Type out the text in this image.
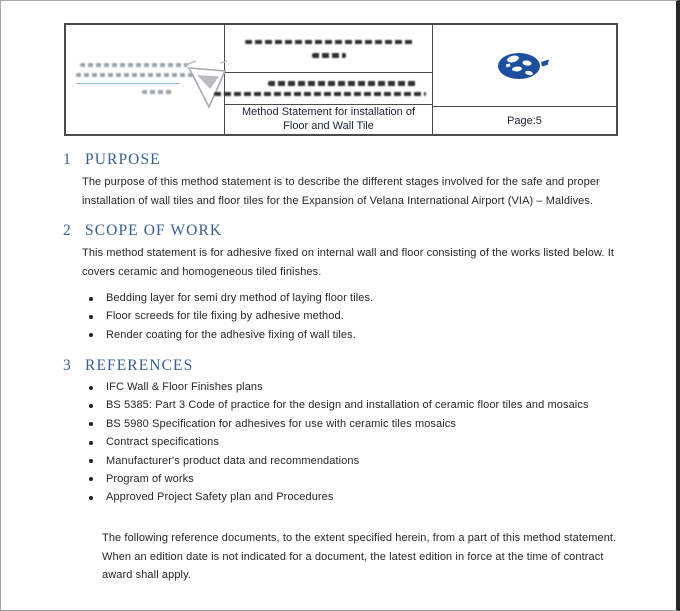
Method Statement for installation of Floor and Wall Tile	Page:5
1 PURPOSE
The purpose of this method statement is to describe the different stages involved for the safe and proper installation of wall tiles and floor tiles for the Expansion of Velana International Airport (VIA) – Maldives.
2 SCOPE OF WORK
This method statement is for adhesive fixed on internal wall and floor consisting of the works listed below. It covers ceramic and homogeneous tiled finishes.
Bedding layer for semi dry method of laying floor tiles.
Floor screeds for tile fixing by adhesive method.
Render coating for the adhesive fixing of wall tiles.
3 REFERENCES
IFC Wall & Floor Finishes plans
BS 5385: Part 3 Code of practice for the design and installation of ceramic floor tiles and mosaics
BS 5980 Specification for adhesives for use with ceramic tiles mosaics
Contract specifications
Manufacturer's product data and recommendations
Program of works
Approved Project Safety plan and Procedures
The following reference documents, to the extent specified herein, from a part of this method statement. When an edition date is not indicated for a document, the latest edition in force at the time of contract award shall apply.
